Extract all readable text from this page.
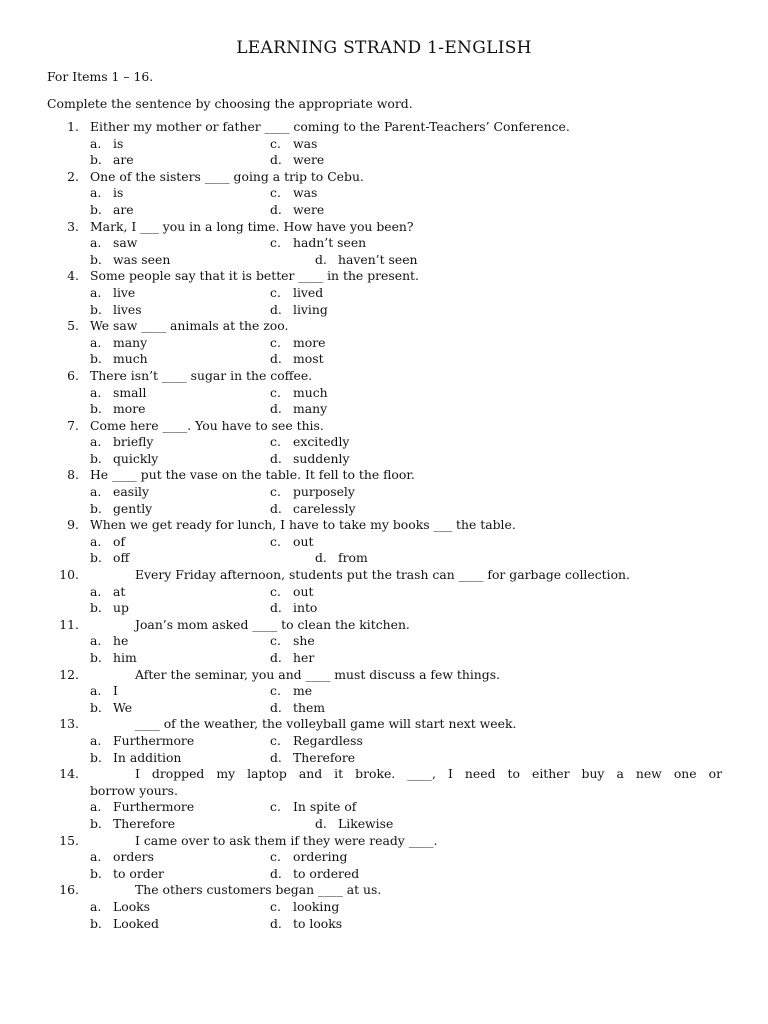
LEARNING STRAND 1-ENGLISH
For Items 1 – 16.
Complete the sentence by choosing the appropriate word.
1. Either my mother or father ____ coming to the Parent-Teachers’ Conference.
a. is	c. was
b. are	d. were
2. One of the sisters ____ going a trip to Cebu.
a. is	c. was
b. are	d. were
3. Mark, I ___ you in a long time. How have you been?
a. saw	c. hadn’t seen
b. was seen	d. haven’t seen
4. Some people say that it is better ____ in the present.
a. live	c. lived
b. lives	d. living
5. We saw ____ animals at the zoo.
a. many	c. more
b. much	d. most
6. There isn’t ____ sugar in the coffee.
a. small	c. much
b. more	d. many
7. Come here ____. You have to see this.
a. briefly	c. excitedly
b. quickly	d. suddenly
8. He ____ put the vase on the table. It fell to the floor.
a. easily	c. purposely
b. gently	d. carelessly
9. When we get ready for lunch, I have to take my books ___ the table.
a. of	c. out
b. off	d. from
10.	Every Friday afternoon, students put the trash can ____ for garbage collection.
a. at	c. out
b. up	d. into
11.	Joan’s mom asked ____ to clean the kitchen.
a. he	c. she
b. him	d. her
12.	After the seminar, you and ____ must discuss a few things.
a. I	c. me
b. We	d. them
13.	____ of the weather, the volleyball game will start next week.
a. Furthermore	c. Regardless
b. In addition	d. Therefore
14.	I dropped my laptop and it broke. ____, I need to either buy a new one or
borrow yours.
a. Furthermore	c. In spite of
b. Therefore	d. Likewise
15.	I came over to ask them if they were ready ____.
a. orders	c. ordering
b. to order	d. to ordered
16.	The others customers began ____ at us.
a. Looks	c. looking
b. Looked	d. to looks
